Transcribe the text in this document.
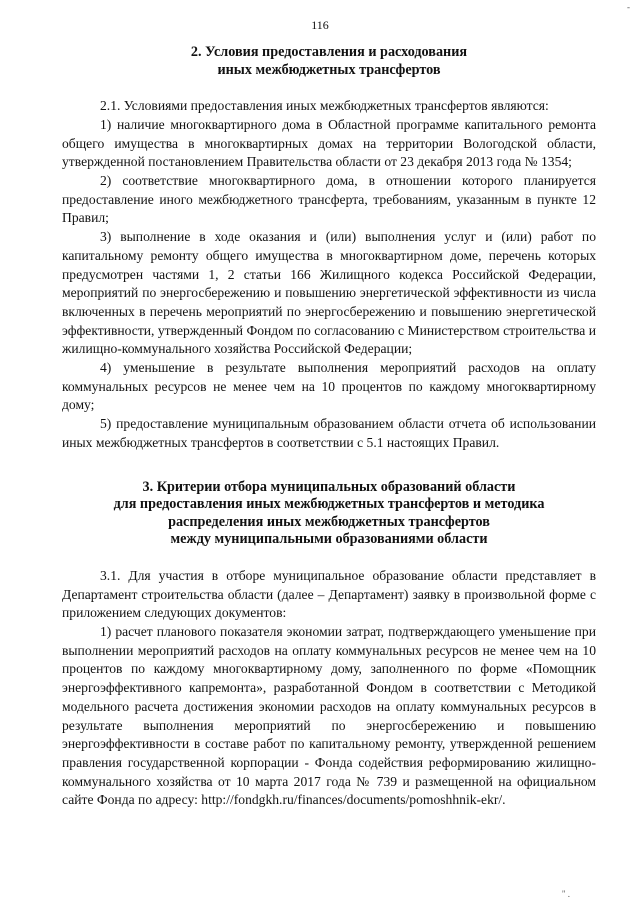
-
116
2. Условия предоставления и расходования
иных межбюджетных трансфертов

2.1. Условиями предоставления иных межбюджетных трансфертов являются:

1) наличие многоквартирного дома в Областной программе капитального ремонта общего имущества в многоквартирных домах на территории Вологодской области, утвержденной постановлением Правительства области от 23 декабря 2013 года № 1354;

2) соответствие многоквартирного дома, в отношении которого планируется предоставление иного межбюджетного трансферта, требованиям, указанным в пункте 12 Правил;

3) выполнение в ходе оказания и (или) выполнения услуг и (или) работ по капитальному ремонту общего имущества в многоквартирном доме, перечень которых предусмотрен частями 1, 2 статьи 166 Жилищного кодекса Российской Федерации, мероприятий по энергосбережению и повышению энергетической эффективности из числа включенных в перечень мероприятий по энергосбережению и повышению энергетической эффективности, утвержденный Фондом по согласованию с Министерством строительства и жилищно-коммунального хозяйства Российской Федерации;

4) уменьшение в результате выполнения мероприятий расходов на оплату коммунальных ресурсов не менее чем на 10 процентов по каждому многоквартирному дому;

5) предоставление муниципальным образованием области отчета об использовании иных межбюджетных трансфертов в соответствии с 5.1 настоящих Правил.

3. Критерии отбора муниципальных образований области
для предоставления иных межбюджетных трансфертов и методика
распределения иных межбюджетных трансфертов
между муниципальными образованиями области

3.1. Для участия в отборе муниципальное образование области представляет в Департамент строительства области (далее – Департамент) заявку в произвольной форме с приложением следующих документов:

1) расчет планового показателя экономии затрат, подтверждающего уменьшение при выполнении мероприятий расходов на оплату коммунальных ресурсов не менее чем на 10 процентов по каждому многоквартирному дому, заполненного по форме «Помощник энергоэффективного капремонта», разработанной Фондом в соответствии с Методикой модельного расчета достижения экономии расходов на оплату коммунальных ресурсов в результате выполнения мероприятий по энергосбережению и повышению энергоэффективности в составе работ по капитальному ремонту, утвержденной решением правления государственной корпорации - Фонда содействия реформированию жилищно-коммунального хозяйства от 10 марта 2017 года № 739 и размещенной на официальном сайте Фонда по адресу: http://fondgkh.ru/finances/documents/pomoshhnik-ekr/.

" .
